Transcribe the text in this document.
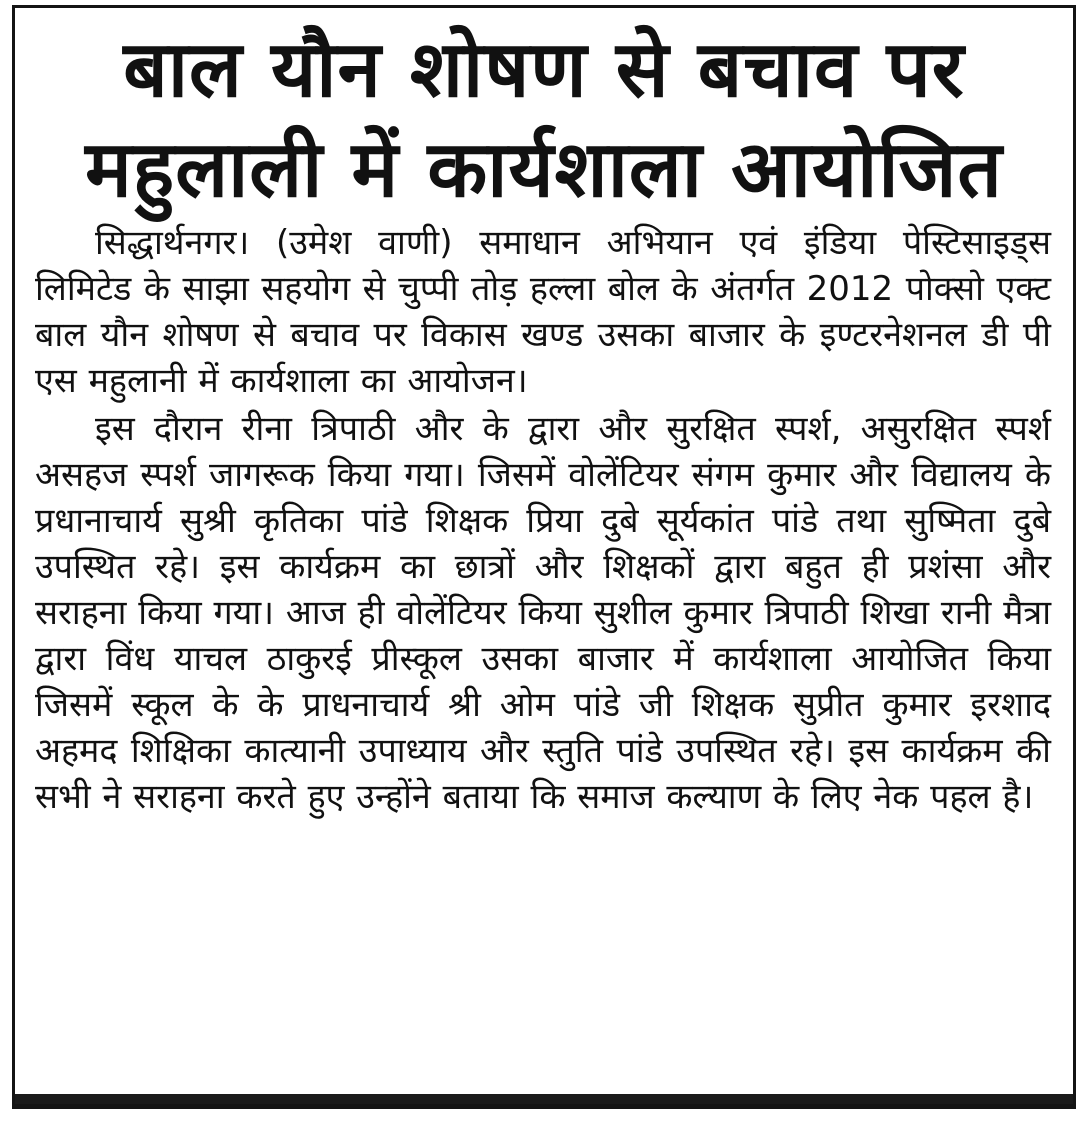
बाल यौन शोषण से बचाव पर
महुलाली में कार्यशाला आयोजित

सिद्धार्थनगर। (उमेश वाणी) समाधान अभियान एवं इंडिया पेस्टिसाइड्स लिमिटेड के साझा सहयोग से चुप्पी तोड़ हल्ला बोल के अंतर्गत 2012 पोक्सो एक्ट बाल यौन शोषण से बचाव पर विकास खण्ड उसका बाजार के इण्टरनेशनल डी पी एस महुलानी में कार्यशाला का आयोजन।

इस दौरान रीना त्रिपाठी और के द्वारा और सुरक्षित स्पर्श, असुरक्षित स्पर्श असहज स्पर्श जागरूक किया गया। जिसमें वोलेंटियर संगम कुमार और विद्यालय के प्रधानाचार्य सुश्री कृतिका पांडे शिक्षक प्रिया दुबे सूर्यकांत पांडे तथा सुष्मिता दुबे उपस्थित रहे। इस कार्यक्रम का छात्रों और शिक्षकों द्वारा बहुत ही प्रशंसा और सराहना किया गया। आज ही वोलेंटियर किया सुशील कुमार त्रिपाठी शिखा रानी मैत्रा द्वारा विंध याचल ठाकुरई प्रीस्कूल उसका बाजार में कार्यशाला आयोजित किया जिसमें स्कूल के के प्राधनाचार्य श्री ओम पांडे जी शिक्षक सुप्रीत कुमार इरशाद अहमद शिक्षिका कात्यानी उपाध्याय और स्तुति पांडे उपस्थित रहे। इस कार्यक्रम की सभी ने सराहना करते हुए उन्होंने बताया कि समाज कल्याण के लिए नेक पहल है।
